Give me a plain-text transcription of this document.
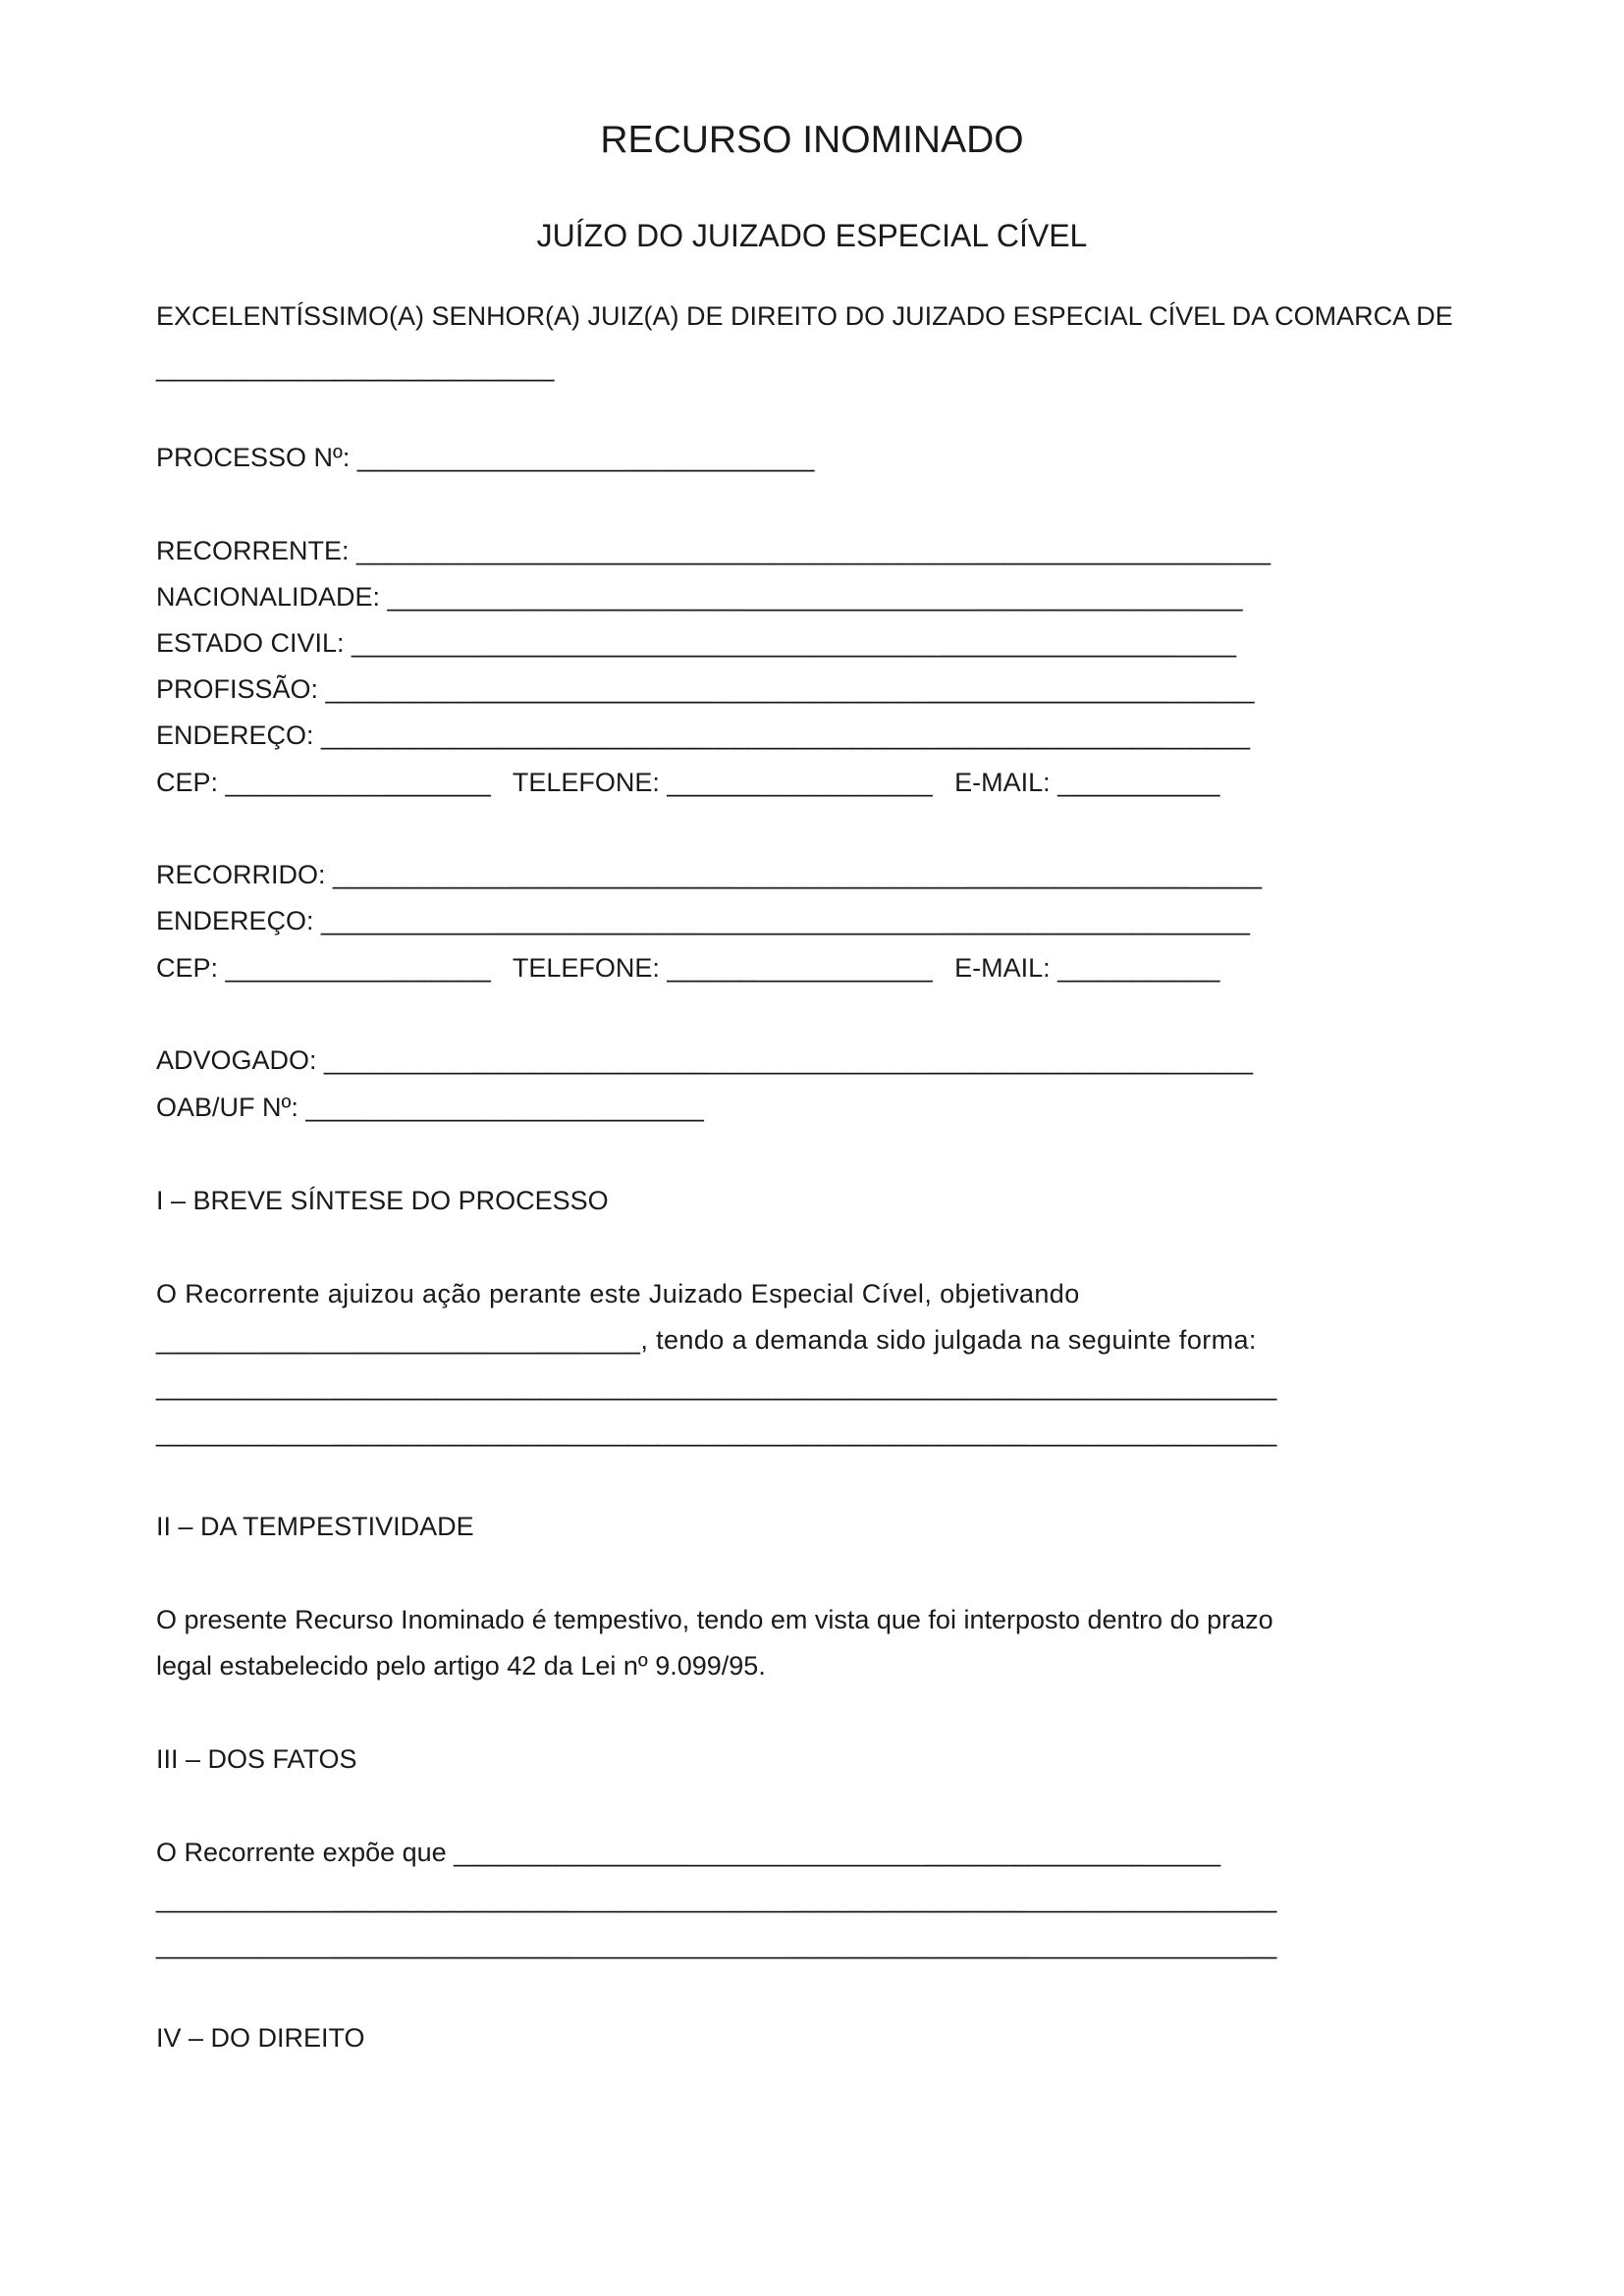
RECURSO INOMINADO
JUÍZO DO JUIZADO ESPECIAL CÍVEL
EXCELENTÍSSIMO(A) SENHOR(A) JUIZ(A) DE DIREITO DO JUIZADO ESPECIAL CÍVEL DA COMARCA DE
___________________________
PROCESSO Nº: _______________________________
RECORRENTE: ______________________________________________________________
NACIONALIDADE: __________________________________________________________
ESTADO CIVIL: ____________________________________________________________
PROFISSÃO: _______________________________________________________________
ENDEREÇO: _______________________________________________________________
CEP: __________________   TELEFONE: __________________   E-MAIL: ___________
RECORRIDO: _______________________________________________________________
ENDEREÇO: _______________________________________________________________
CEP: __________________   TELEFONE: __________________   E-MAIL: ___________
ADVOGADO: _______________________________________________________________
OAB/UF Nº: ___________________________
I – BREVE SÍNTESE DO PROCESSO
O Recorrente ajuizou ação perante este Juizado Especial Cível, objetivando
________________________________, tendo a demanda sido julgada na seguinte forma:
____________________________________________________________________________
____________________________________________________________________________
II – DA TEMPESTIVIDADE
O presente Recurso Inominado é tempestivo, tendo em vista que foi interposto dentro do prazo
legal estabelecido pelo artigo 42 da Lei nº 9.099/95.
III – DOS FATOS
O Recorrente expõe que ____________________________________________________
____________________________________________________________________________
____________________________________________________________________________
IV – DO DIREITO
